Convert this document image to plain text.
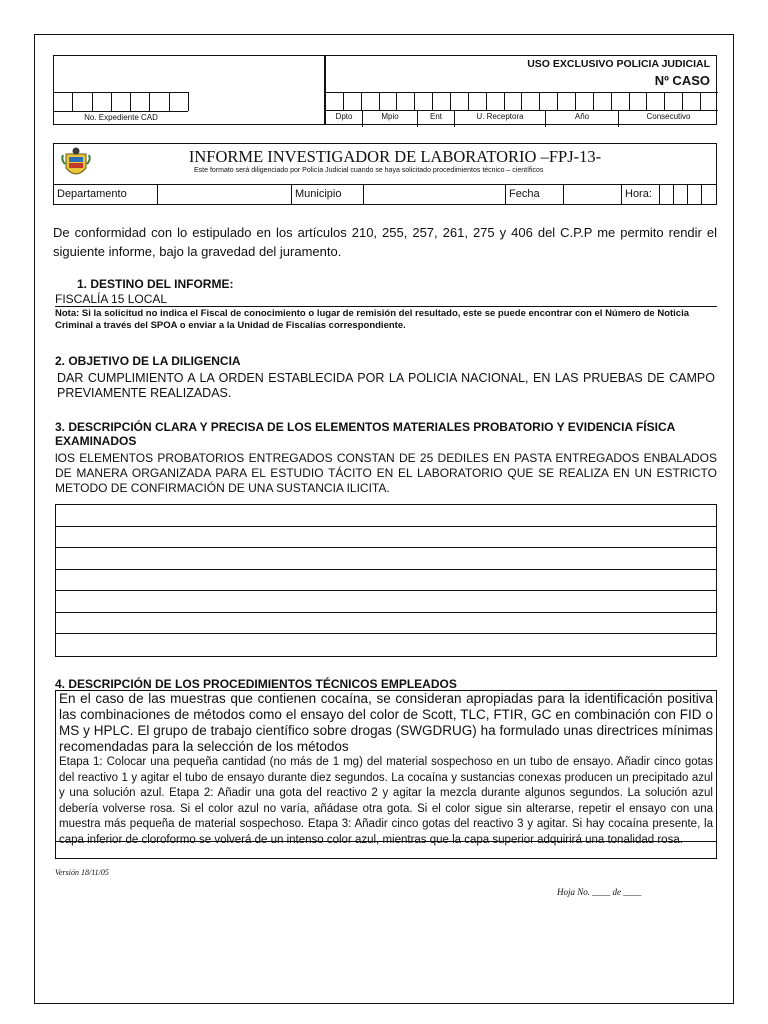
No. Expediente CAD
USO EXCLUSIVO POLICIA JUDICIAL
Nº CASO
Dpto	Mpio	Ent	U. Receptora	Año	Consecutivo
INFORME INVESTIGADOR DE LABORATORIO –FPJ-13-
Este formato será diligenciado por Policía Judicial cuando se haya solicitado procedimientos técnico – científicos
Departamento	Municipio	Fecha	Hora:
De conformidad con lo estipulado en los artículos 210, 255, 257, 261, 275 y 406 del C.P.P me permito rendir el siguiente informe, bajo la gravedad del juramento.
1. DESTINO DEL INFORME:
FISCALÍA 15 LOCAL
Nota: Si la solicitud no indica el Fiscal de conocimiento o lugar de remisión del resultado, este se puede encontrar con el Número de Noticia Criminal a través del SPOA o enviar a la Unidad de Fiscalías correspondiente.
2. OBJETIVO DE LA DILIGENCIA
DAR CUMPLIMIENTO A LA ORDEN ESTABLECIDA POR LA POLICIA NACIONAL, EN LAS PRUEBAS DE CAMPO PREVIAMENTE REALIZADAS.
3. DESCRIPCIÓN CLARA Y PRECISA DE LOS ELEMENTOS MATERIALES PROBATORIO Y EVIDENCIA FÍSICA EXAMINADOS
lOS ELEMENTOS PROBATORIOS ENTREGADOS CONSTAN DE 25 DEDILES EN PASTA ENTREGADOS ENBALADOS DE MANERA ORGANIZADA PARA EL ESTUDIO TÁCITO EN EL LABORATORIO QUE SE REALIZA EN UN ESTRICTO METODO DE CONFIRMACIÓN DE UNA SUSTANCIA ILICITA.
4. DESCRIPCIÓN DE LOS PROCEDIMIENTOS TÉCNICOS EMPLEADOS
En el caso de las muestras que contienen cocaína, se consideran apropiadas para la identificación positiva las combinaciones de métodos como el ensayo del color de Scott, TLC, FTIR, GC en combinación con FID o MS y HPLC. El grupo de trabajo científico sobre drogas (SWGDRUG) ha formulado unas directrices mínimas recomendadas para la selección de los métodos
Etapa 1: Colocar una pequeña cantidad (no más de 1 mg) del material sospechoso en un tubo de ensayo. Añadir cinco gotas del reactivo 1 y agitar el tubo de ensayo durante diez segundos. La cocaína y sustancias conexas producen un precipitado azul y una solución azul. Etapa 2: Añadir una gota del reactivo 2 y agitar la mezcla durante algunos segundos. La solución azul debería volverse rosa. Si el color azul no varía, añádase otra gota. Si el color sigue sin alterarse, repetir el ensayo con una muestra más pequeña de material sospechoso. Etapa 3: Añadir cinco gotas del reactivo 3 y agitar. Si hay cocaína presente, la capa inferior de cloroformo se volverá de un intenso color azul, mientras que la capa superior adquirirá una tonalidad rosa.
Versión 18/11/05
Hoja No. ____ de ____
